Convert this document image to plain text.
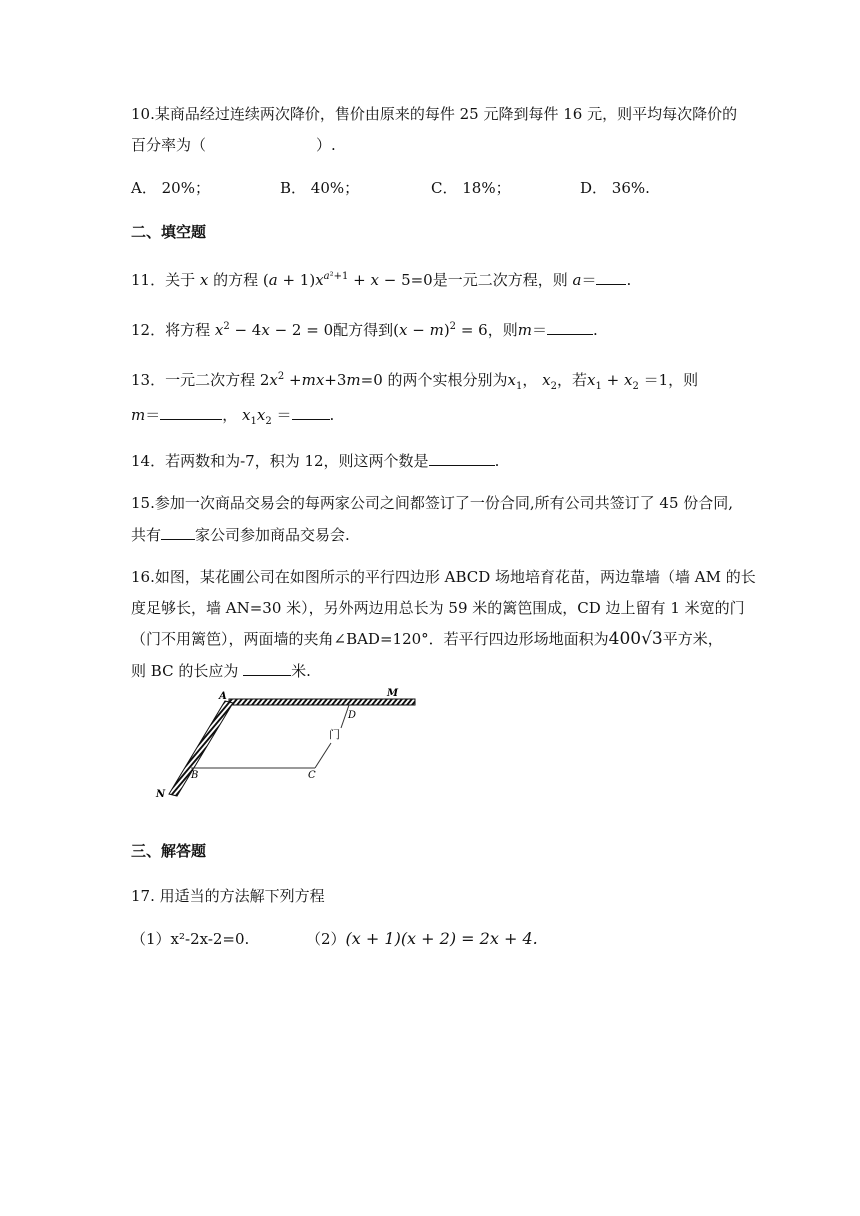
10.某商品经过连续两次降价，售价由原来的每件 25 元降到每件 16 元，则平均每次降价的
百分率为（	）.
A． 20%；	B． 40%；	C． 18%；	D． 36%.
二、填空题
11．关于 x 的方程 $(a + 1)x^{a^2+1} + x - 5=0$是一元二次方程，则 a＝ .
12．将方程 $x^2 - 4x - 2 = 0$配方得到$(x - m)^2 = 6$，则m＝	.
13．一元二次方程 $2x^2 +mx+3m=0$ 的两个实根分别为$x_1$， $x_2$，若$x_1 + x_2 =1$，则
m＝	， $x_1x_2$ ＝	.
14．若两数和为-7，积为 12，则这两个数是	.
15.参加一次商品交易会的每两家公司之间都签订了一份合同,所有公司共签订了 45 份合同,
共有 家公司参加商品交易会.
16.如图，某花圃公司在如图所示的平行四边形 ABCD 场地培育花苗，两边靠墙（墙 AM 的长
度足够长，墙 AN=30 米），另外两边用总长为 59 米的篱笆围成，CD 边上留有 1 米宽的门
（门不用篱笆），两面墙的夹角∠BAD=120°．若平行四边形场地面积为400√3平方米，
则 BC 的长应为	米.
A	M
D
门
B	C
N
三、解答题
17. 用适当的方法解下列方程
（1）x²-2x-2=0.	（2）(x + 1)(x + 2) = 2x + 4.
